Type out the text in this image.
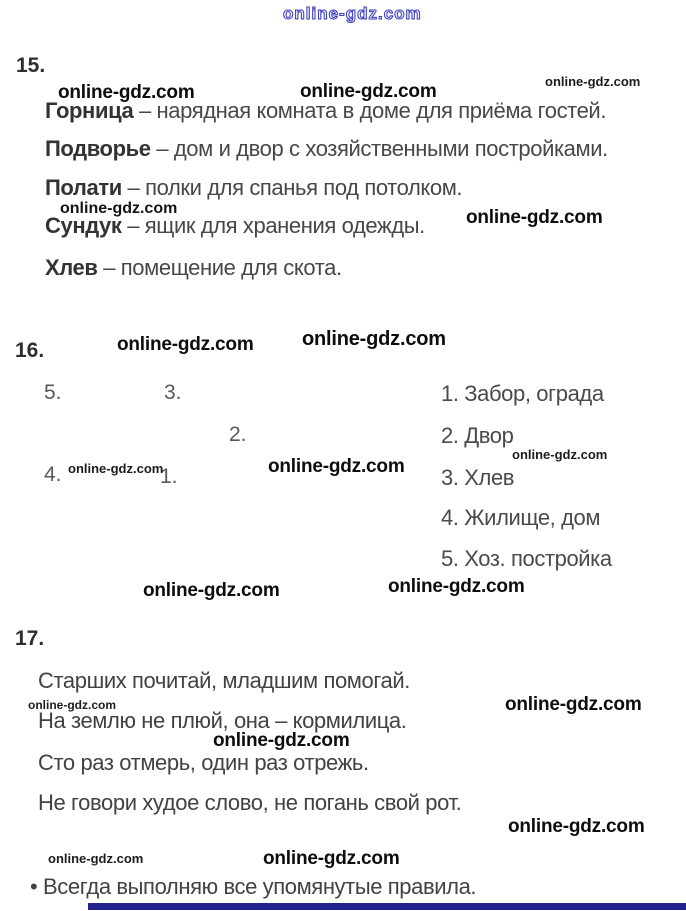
online-gdz.com
15.
online-gdz.com	online-gdz.com	online-gdz.com
Горница – нарядная комната в доме для приёма гостей.
Подворье – дом и двор с хозяйственными постройками.
Полати – полки для спанья под потолком.
online-gdz.com	online-gdz.com
Сундук – ящик для хранения одежды.
Хлев – помещение для скота.
16.	online-gdz.com online-gdz.com
5.	3.
2.
4.	1.
online-gdz.com	online-gdz.com
online-gdz.com
1. Забор, ограда
2. Двор
3. Хлев
4. Жилище, дом
5. Хоз. постройка
online-gdz.com	online-gdz.com
17.
Старших почитай, младшим помогай.
online-gdz.com	online-gdz.com
На землю не плюй, она – кормилица.
online-gdz.com
Сто раз отмерь, один раз отрежь.
Не говори худое слово, не погань свой рот.
online-gdz.com
online-gdz.com	online-gdz.com
• Всегда выполняю все упомянутые правила.
